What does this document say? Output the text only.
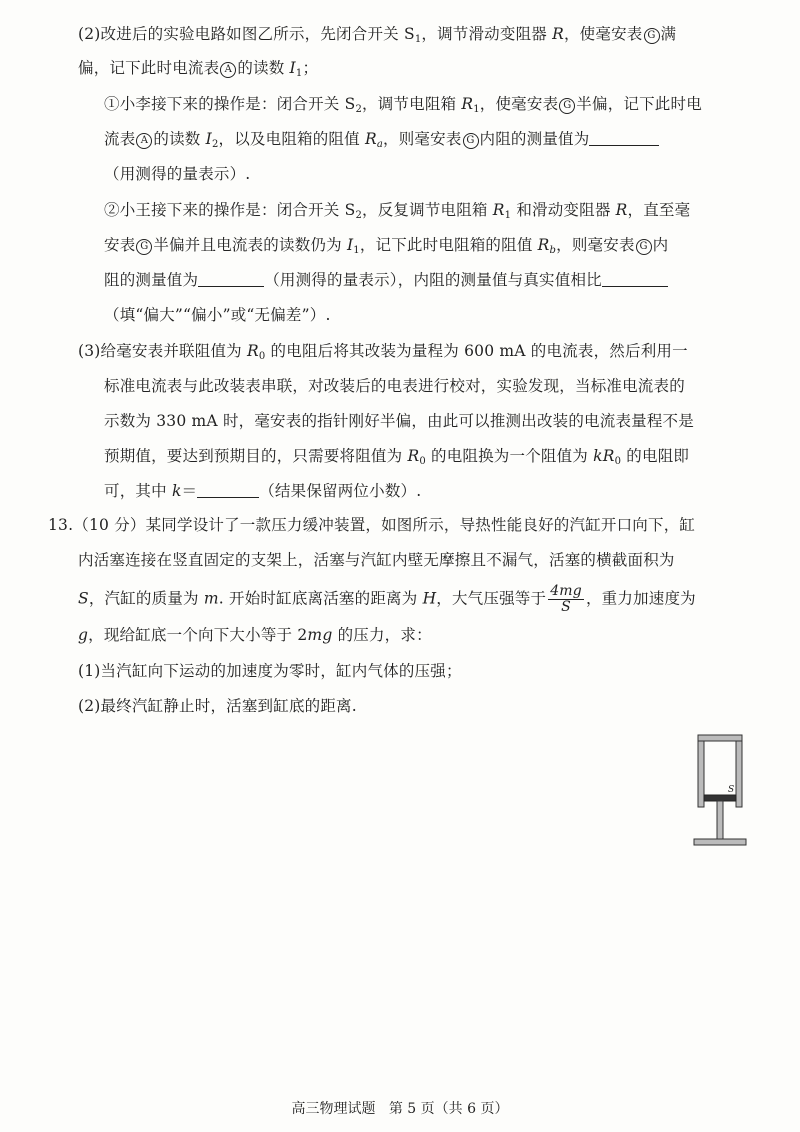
(2)改进后的实验电路如图乙所示，先闭合开关 $S_1$，调节滑动变阻器 R，使毫安表 G 满
偏，记下此时电流表 A 的读数 $I_1$；
①小李接下来的操作是：闭合开关 $S_2$，调节电阻箱 $R_1$，使毫安表 G 半偏，记下此时电
流表 A 的读数 $I_2$，以及电阻箱的阻值 $R_a$，则毫安表 G 内阻的测量值为
（用测得的量表示）.
②小王接下来的操作是：闭合开关 $S_2$，反复调节电阻箱 $R_1$ 和滑动变阻器 R，直至毫
安表 G 半偏并且电流表的读数仍为 $I_1$，记下此时电阻箱的阻值 $R_b$，则毫安表 G 内
阻的测量值为	（用测得的量表示），内阻的测量值与真实值相比
（填“偏大”“偏小”或“无偏差”）.
(3)给毫安表并联阻值为 $R_0$ 的电阻后将其改装为量程为 600 mA 的电流表，然后利用一
标准电流表与此改装表串联，对改装后的电表进行校对，实验发现，当标准电流表的
示数为 330 mA 时，毫安表的指针刚好半偏，由此可以推测出改装的电流表量程不是
预期值，要达到预期目的，只需要将阻值为 $R_0$ 的电阻换为一个阻值为 $kR_0$ 的电阻即
可，其中 k＝	（结果保留两位小数）.
13.（10 分）某同学设计了一款压力缓冲装置，如图所示，导热性能良好的汽缸开口向下，缸
内活塞连接在竖直固定的支架上，活塞与汽缸内壁无摩擦且不漏气，活塞的横截面积为
S，汽缸的质量为 m. 开始时缸底离活塞的距离为 H，大气压强等于 $\frac{4mg}{S}$ ，重力加速度为
g，现给缸底一个向下大小等于 2mg 的压力，求：
(1)当汽缸向下运动的加速度为零时，缸内气体的压强；
(2)最终汽缸静止时，活塞到缸底的距离.
S
高三物理试题 第 5 页（共 6 页）
